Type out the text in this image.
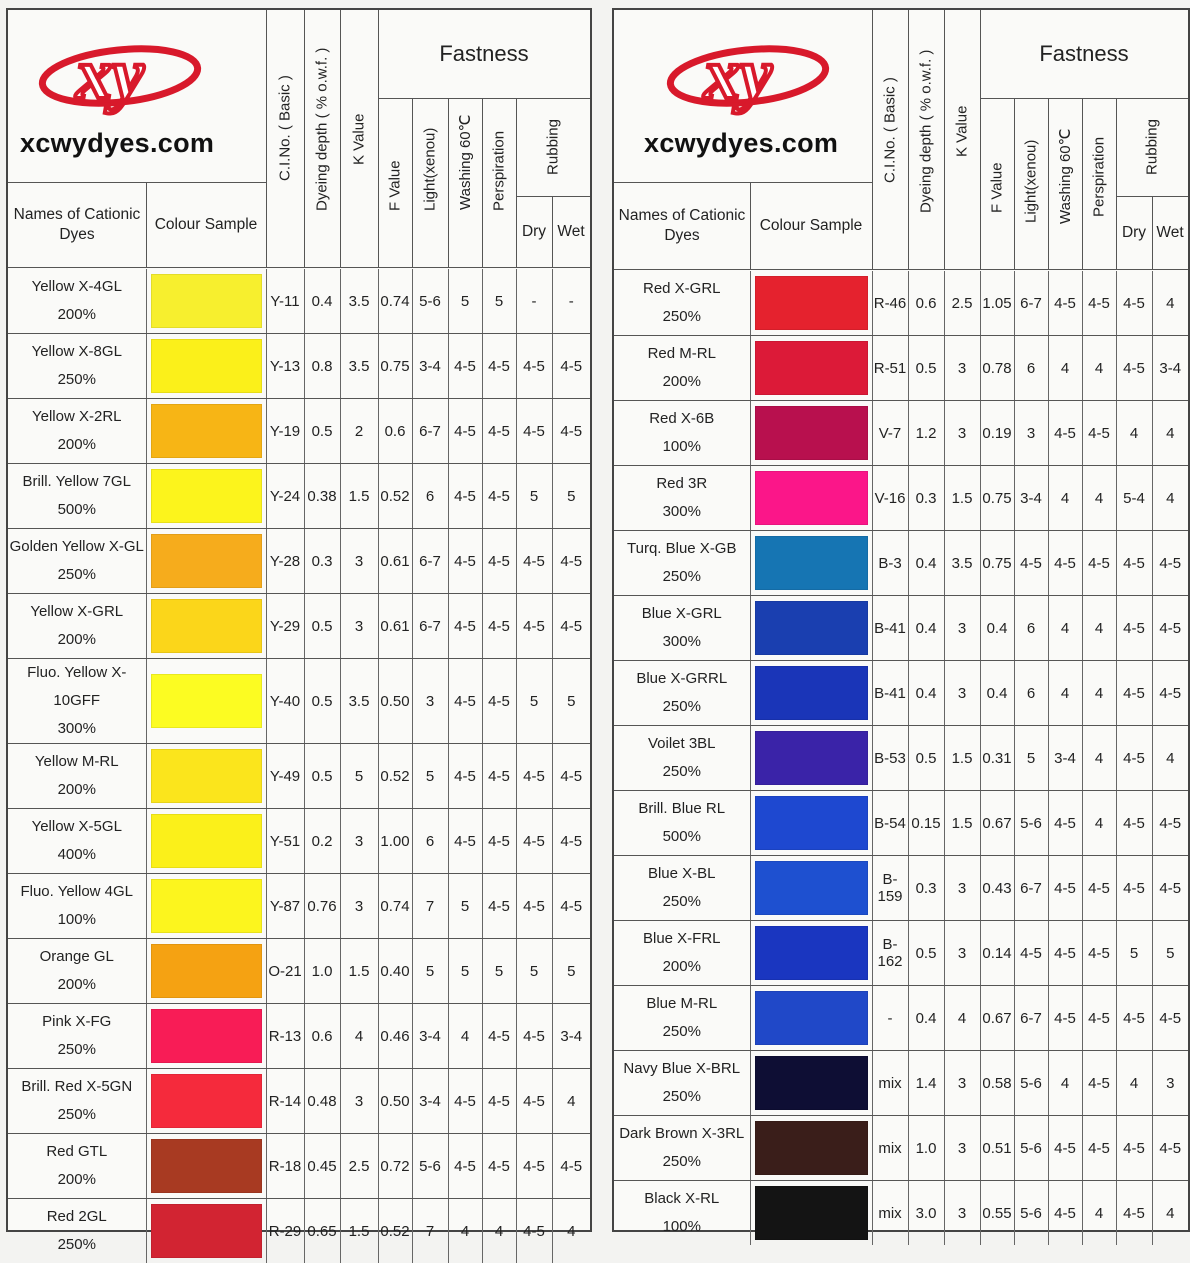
xy
xcwydyes.com
Names of Cationic Dyes
Colour Sample
C.I.No. ( Basic ) Dyeing depth ( % o.w.f. ) K Value
Fastness
F Value Light(xenou) Washing 60℃ Perspiration Rubbing
Dry Wet
Yellow X-4GL
200%		Y-11	0.4	3.5	0.74	5-6	5	5	-	-

Yellow X-8GL
250%		Y-13	0.8	3.5	0.75	3-4	4-5	4-5	4-5	4-5

Yellow X-2RL
200%		Y-19	0.5	2	0.6	6-7	4-5	4-5	4-5	4-5

Brill. Yellow 7GL
500%		Y-24	0.38	1.5	0.52	6	4-5	4-5	5	5

Golden Yellow X-GL
250%		Y-28	0.3	3	0.61	6-7	4-5	4-5	4-5	4-5

Yellow X-GRL
200%		Y-29	0.5	3	0.61	6-7	4-5	4-5	4-5	4-5

Fluo. Yellow X-10GFF
300%		Y-40	0.5	3.5	0.50	3	4-5	4-5	5	5

Yellow M-RL
200%		Y-49	0.5	5	0.52	5	4-5	4-5	4-5	4-5

Yellow X-5GL
400%		Y-51	0.2	3	1.00	6	4-5	4-5	4-5	4-5

Fluo. Yellow 4GL
100%		Y-87	0.76	3	0.74	7	5	4-5	4-5	4-5

Orange GL
200%		O-21	1.0	1.5	0.40	5	5	5	5	5

Pink X-FG
250%		R-13	0.6	4	0.46	3-4	4	4-5	4-5	3-4

Brill. Red X-5GN
250%		R-14	0.48	3	0.50	3-4	4-5	4-5	4-5	4

Red GTL
200%		R-18	0.45	2.5	0.72	5-6	4-5	4-5	4-5	4-5

Red 2GL
250%		R-29	0.65	1.5	0.52	7	4	4	4-5	4
xy
xcwydyes.com
Names of Cationic Dyes
Colour Sample
C.I.No. ( Basic ) Dyeing depth ( % o.w.f. ) K Value
Fastness
F Value Light(xenou) Washing 60℃ Perspiration Rubbing
Dry Wet
Red X-GRL
250%		R-46	0.6	2.5	1.05	6-7	4-5	4-5	4-5	4

Red M-RL
200%		R-51	0.5	3	0.78	6	4	4	4-5	3-4

Red X-6B
100%		V-7	1.2	3	0.19	3	4-5	4-5	4	4

Red 3R
300%		V-16	0.3	1.5	0.75	3-4	4	4	5-4	4

Turq. Blue X-GB
250%		B-3	0.4	3.5	0.75	4-5	4-5	4-5	4-5	4-5

Blue X-GRL
300%		B-41	0.4	3	0.4	6	4	4	4-5	4-5

Blue X-GRRL
250%		B-41	0.4	3	0.4	6	4	4	4-5	4-5

Voilet 3BL
250%		B-53	0.5	1.5	0.31	5	3-4	4	4-5	4

Brill. Blue RL
500%		B-54	0.15	1.5	0.67	5-6	4-5	4	4-5	4-5

Blue X-BL
250%		B-159	0.3	3	0.43	6-7	4-5	4-5	4-5	4-5

Blue X-FRL
200%		B-162	0.5	3	0.14	4-5	4-5	4-5	5	5

Blue M-RL
250%		-	0.4	4	0.67	6-7	4-5	4-5	4-5	4-5

Navy Blue X-BRL
250%		mix	1.4	3	0.58	5-6	4	4-5	4	3

Dark Brown X-3RL
250%		mix	1.0	3	0.51	5-6	4-5	4-5	4-5	4-5

Black X-RL
100%		mix	3.0	3	0.55	5-6	4-5	4	4-5	4
